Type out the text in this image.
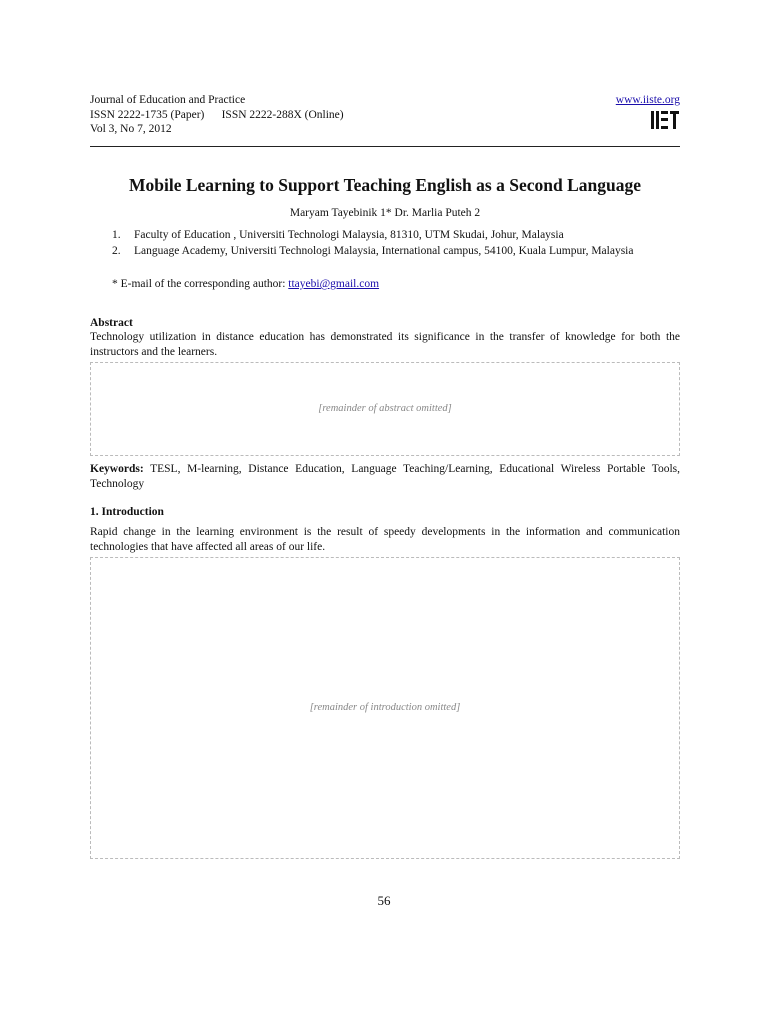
Journal of Education and Practice
ISSN 2222-1735 (Paper)      ISSN 2222-288X (Online)
Vol 3, No 7, 2012
www.iiste.org
Mobile Learning to Support Teaching English as a Second Language
Maryam Tayebinik 1* Dr. Marlia Puteh 2
1.	Faculty of Education , Universiti Technologi Malaysia, 81310, UTM Skudai, Johur, Malaysia
2.	Language Academy, Universiti Technologi Malaysia, International campus, 54100, Kuala Lumpur, Malaysia
* E-mail of the corresponding author: ttayebi@gmail.com
Abstract
Technology utilization in distance education has demonstrated its significance in the transfer of knowledge for both the instructors and the learners.
[remainder of abstract omitted]
Keywords: TESL, M-learning, Distance Education, Language Teaching/Learning, Educational Wireless Portable Tools, Technology
1. Introduction
Rapid change in the learning environment is the result of speedy developments in the information and communication technologies that have affected all areas of our life.
[remainder of introduction omitted]
56
